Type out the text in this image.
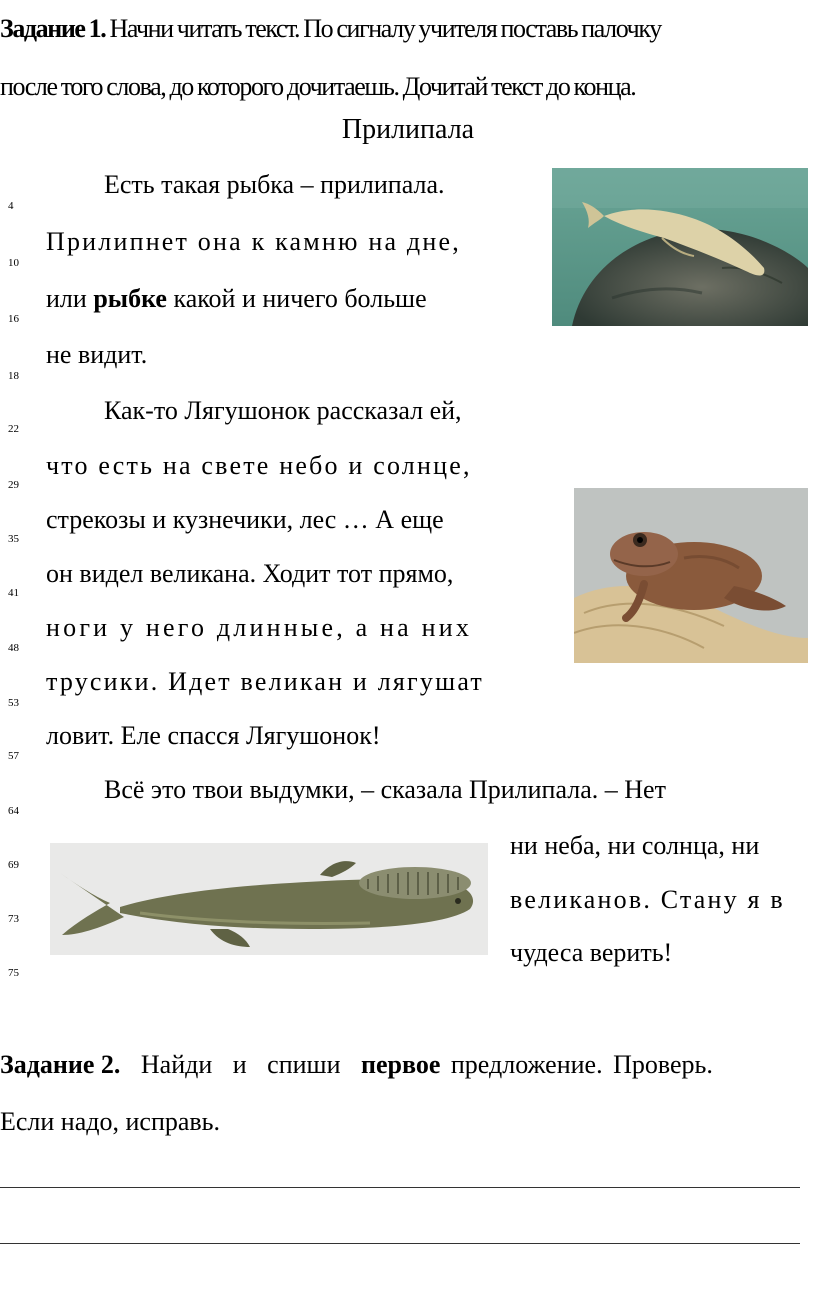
Задание 1. Начни читать текст. По сигналу учителя поставь палочку
после того слова, до которого дочитаешь. Дочитай текст до конца.
Прилипала
4
10
16
18
22
29
35
41
48
53
57
64
69
73
75
Есть такая рыбка – прилипала.
Прилипнет она к камню на дне,
или рыбке какой и ничего больше
не видит.
Как-то Лягушонок рассказал ей,
что есть на свете небо и солнце,
стрекозы и кузнечики, лес … А еще
он видел великана. Ходит тот прямо,
ноги у него длинные, а на них
трусики. Идет великан и лягушат
ловит. Еле спасся Лягушонок!
Всё это твои выдумки, – сказала Прилипала. – Нет
ни неба, ни солнца, ни
великанов. Стану я в
чудеса верить!
Задание 2. Найди и спиши первое предложение. Проверь.
Если надо, исправь.
